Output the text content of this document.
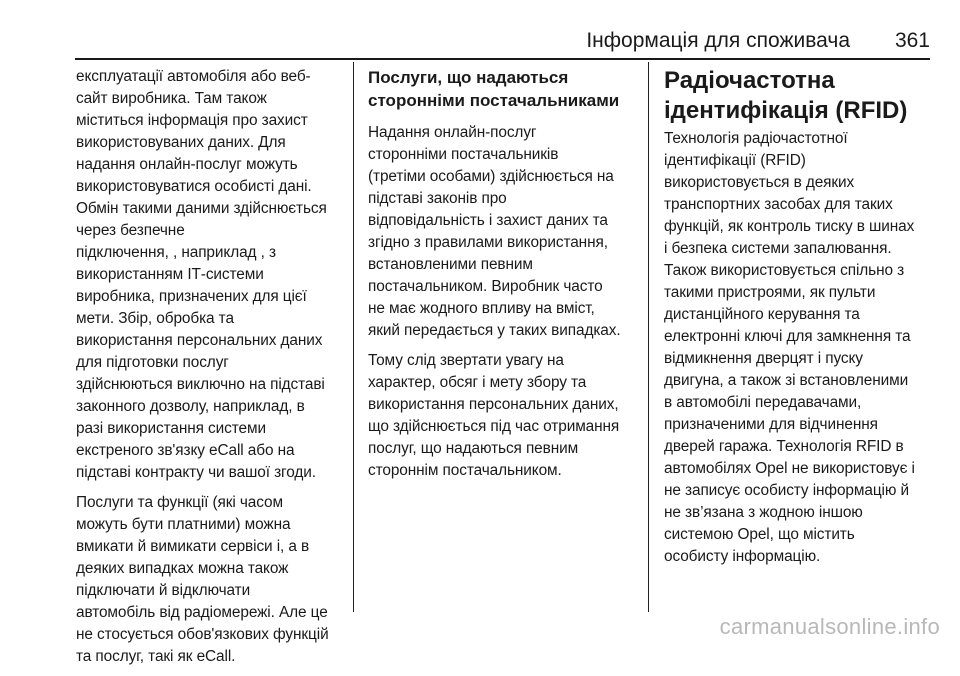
Інформація для споживача	361

експлуатації автомобіля або веб-
сайт виробника. Там також
міститься інформація про захист
використовуваних даних. Для
надання онлайн-послуг можуть
використовуватися особисті дані.
Обмін такими даними здійснюється
через безпечне
підключення, , наприклад , з
використанням ІТ-системи
виробника, призначених для цієї
мети. Збір, обробка та
використання персональних даних
для підготовки послуг
здійснюються виключно на підставі
законного дозволу, наприклад, в
разі використання системи
екстреного зв'язку eCall або на
підставі контракту чи вашої згоди.

Послуги та функції (які часом
можуть бути платними) можна
вмикати й вимикати сервіси і, а в
деяких випадках можна також
підключати й відключати
автомобіль від радіомережі. Але це
не стосується обов'язкових функцій
та послуг, такі як eCall.

Послуги, що надаються
сторонніми постачальниками

Надання онлайн-послуг
сторонніми постачальників
(третіми особами) здійснюється на
підставі законів про
відповідальність і захист даних та
згідно з правилами використання,
встановленими певним
постачальником. Виробник часто
не має жодного впливу на вміст,
який передається у таких випадках.

Тому слід звертати увагу на
характер, обсяг і мету збору та
використання персональних даних,
що здійснюється під час отримання
послуг, що надаються певним
стороннім постачальником.

Радіочастотна
ідентифікація (RFID)

Технологія радіочастотної
ідентифікації (RFID)
використовується в деяких
транспортних засобах для таких
функцій, як контроль тиску в шинах
і безпека системи запалювання.
Також використовується спільно з
такими пристроями, як пульти
дистанційного керування та
електронні ключі для замкнення та
відмикнення дверцят і пуску
двигуна, а також зі встановленими
в автомобілі передавачами,
призначеними для відчинення
дверей гаража. Технологія RFID в
автомобілях Opel не використовує і
не записує особисту інформацію й
не зв’язана з жодною іншою
системою Opel, що містить
особисту інформацію.

carmanualsonline.info
